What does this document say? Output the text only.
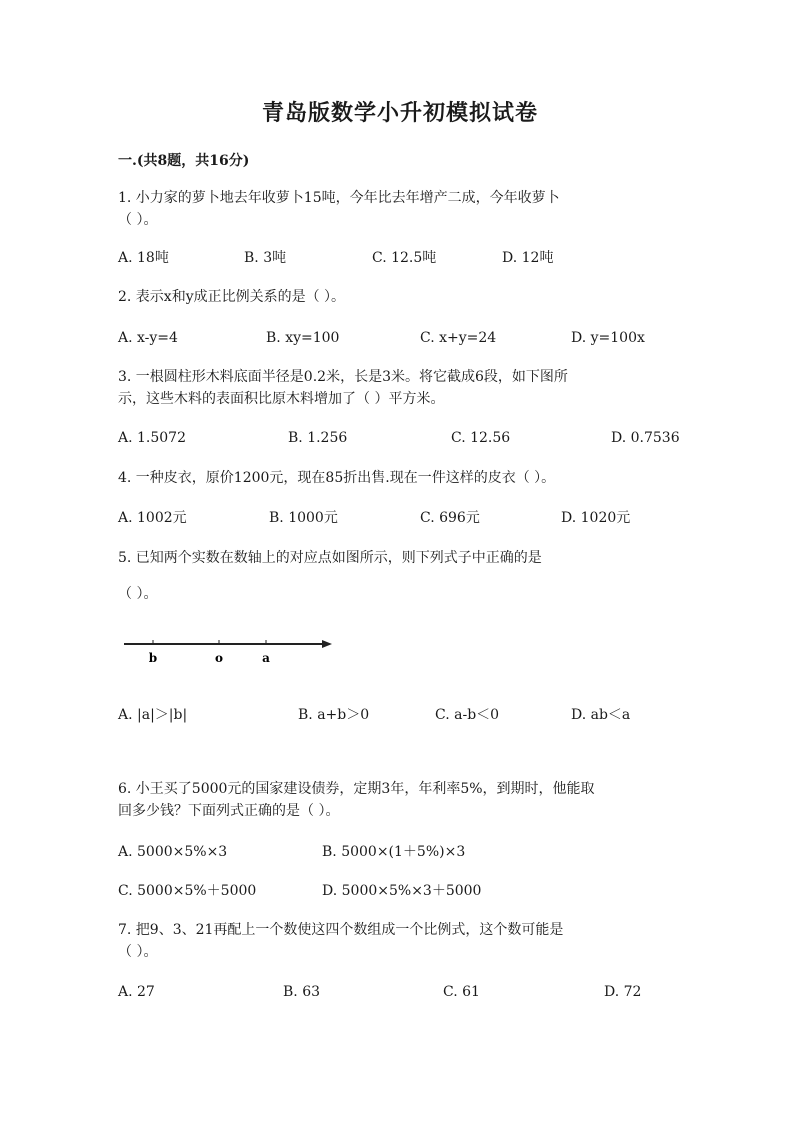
青岛版数学小升初模拟试卷
一.(共8题，共16分)
1. 小力家的萝卜地去年收萝卜15吨，今年比去年增产二成，今年收萝卜
（ ）。
A. 18吨	B. 3吨	C. 12.5吨	D. 12吨
2. 表示x和y成正比例关系的是（ ）。
A. x-y=4	B. xy=100	C. x+y=24	D. y=100x
3. 一根圆柱形木料底面半径是0.2米，长是3米。将它截成6段，如下图所
示，这些木料的表面积比原木料增加了（ ）平方米。
A. 1.5072	B. 1.256	C. 12.56	D. 0.7536
4. 一种皮衣，原价1200元，现在85折出售.现在一件这样的皮衣（ ）。
A. 1002元	B. 1000元	C. 696元	D. 1020元
5. 已知两个实数在数轴上的对应点如图所示，则下列式子中正确的是
（ ）。
b	o	a
A. |a|＞|b|	B. a+b＞0	C. a-b＜0	D. ab＜a
6. 小王买了5000元的国家建设债券，定期3年，年利率5%，到期时，他能取
回多少钱？下面列式正确的是（ ）。
A. 5000×5%×3	B. 5000×(1＋5%)×3
C. 5000×5%＋5000	D. 5000×5%×3＋5000
7. 把9、3、21再配上一个数使这四个数组成一个比例式，这个数可能是
（ ）。
A. 27	B. 63	C. 61	D. 72
